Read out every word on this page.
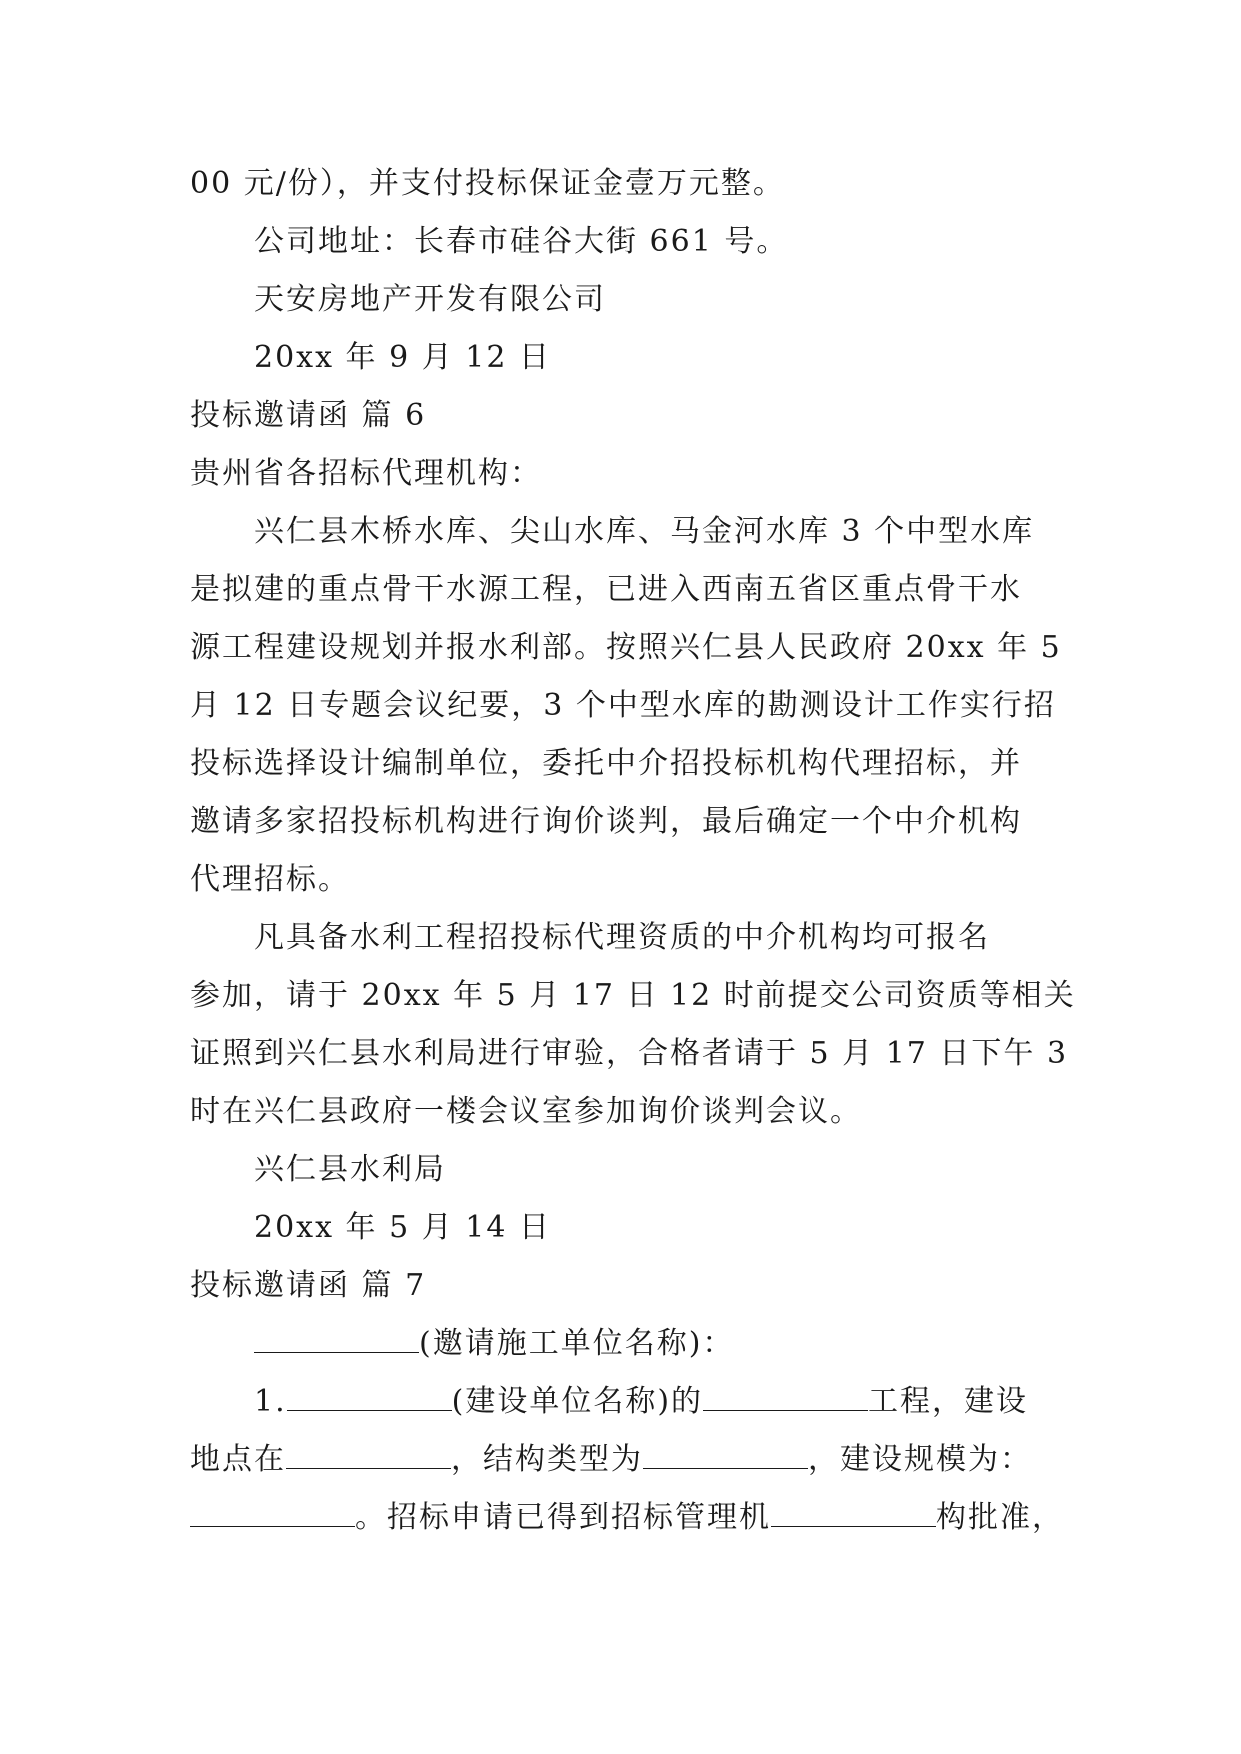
00 元/份），并支付投标保证金壹万元整。
公司地址：长春市硅谷大街 661 号。
天安房地产开发有限公司
20xx 年 9 月 12 日
投标邀请函 篇 6
贵州省各招标代理机构：
兴仁县木桥水库、尖山水库、马金河水库 3 个中型水库
是拟建的重点骨干水源工程，已进入西南五省区重点骨干水
源工程建设规划并报水利部。按照兴仁县人民政府 20xx 年 5
月 12 日专题会议纪要，3 个中型水库的勘测设计工作实行招
投标选择设计编制单位，委托中介招投标机构代理招标，并
邀请多家招投标机构进行询价谈判，最后确定一个中介机构
代理招标。
凡具备水利工程招投标代理资质的中介机构均可报名
参加，请于 20xx 年 5 月 17 日 12 时前提交公司资质等相关
证照到兴仁县水利局进行审验，合格者请于 5 月 17 日下午 3
时在兴仁县政府一楼会议室参加询价谈判会议。
兴仁县水利局
20xx 年 5 月 14 日
投标邀请函 篇 7
(邀请施工单位名称)：
1.	(建设单位名称)的	工程，建设
地点在	，结构类型为	，建设规模为：
。招标申请已得到招标管理机	构批准，
